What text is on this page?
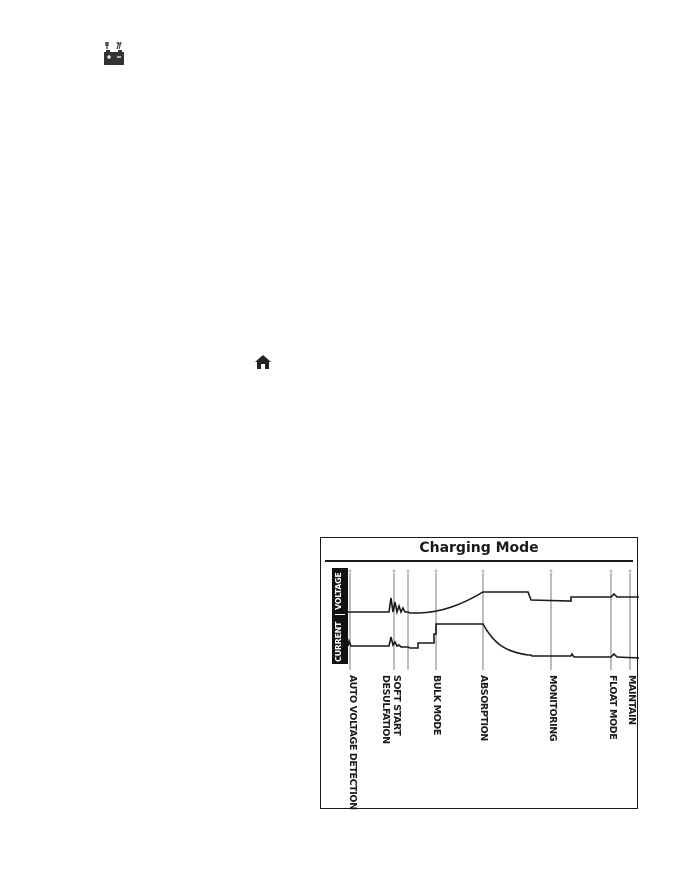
Charging Mode
CURRENT
VOLTAGE
AUTO VOLTAGE DETECTION	SOFT START
DESULFATION	BULK MODE	ABSORPTION	MONITORING	FLOAT MODE MAINTAIN
